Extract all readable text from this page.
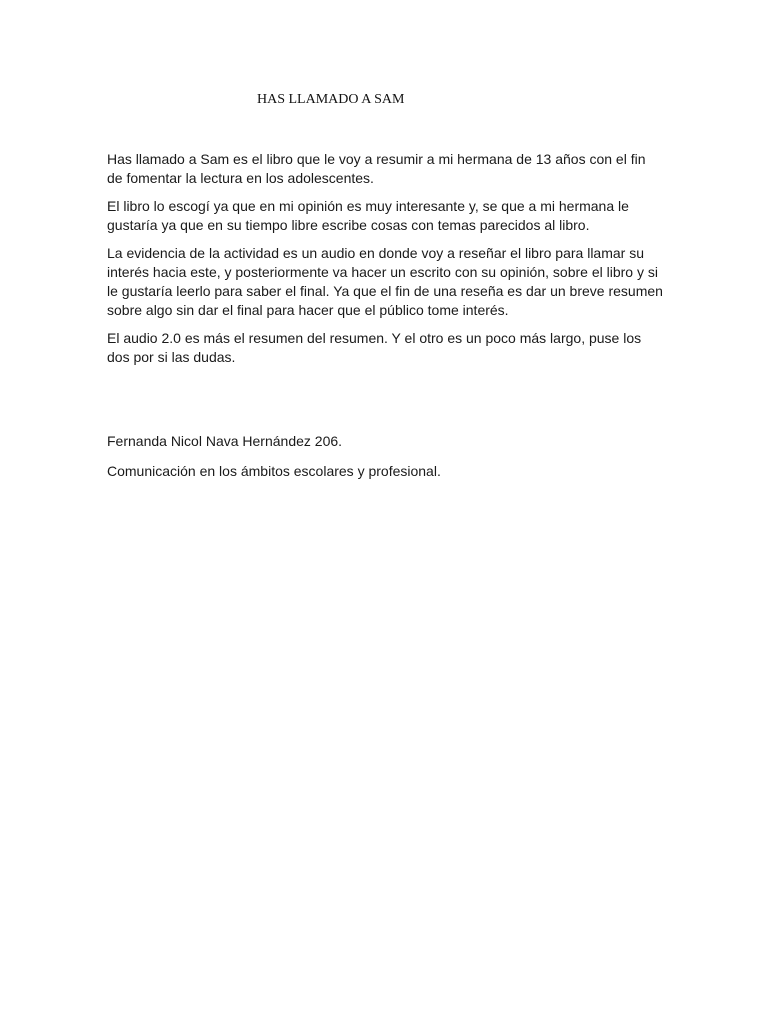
HAS LLAMADO A SAM

Has llamado a Sam es el libro que le voy a resumir a mi hermana de 13 años con el fin de fomentar la lectura en los adolescentes.

El libro lo escogí ya que en mi opinión es muy interesante y, se que a mi hermana le gustaría ya que en su tiempo libre escribe cosas con temas parecidos al libro.

La evidencia de la actividad es un audio en donde voy a reseñar el libro para llamar su interés hacia este, y posteriormente va hacer un escrito con su opinión, sobre el libro y si le gustaría leerlo para saber el final. Ya que el fin de una reseña es dar un breve resumen sobre algo sin dar el final para hacer que el público tome interés.

El audio 2.0 es más el resumen del resumen. Y el otro es un poco más largo, puse los dos por si las dudas.

Fernanda Nicol Nava Hernández 206.

Comunicación en los ámbitos escolares y profesional.
